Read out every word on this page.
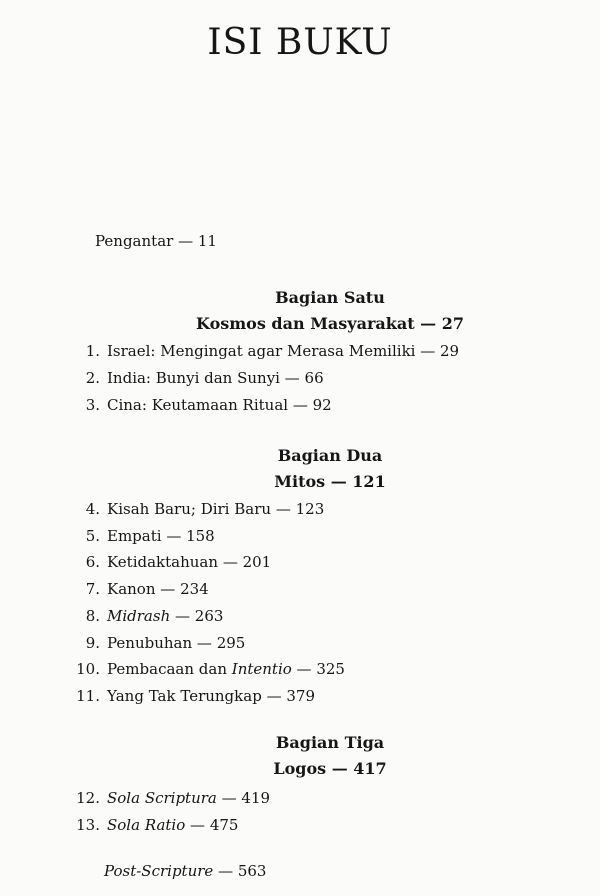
ISI BUKU
Pengantar — 11
Bagian Satu
Kosmos dan Masyarakat — 27
1. Israel: Mengingat agar Merasa Memiliki — 29
2. India: Bunyi dan Sunyi — 66
3. Cina: Keutamaan Ritual — 92
Bagian Dua
Mitos — 121
4. Kisah Baru; Diri Baru — 123
5. Empati — 158
6. Ketidaktahuan — 201
7. Kanon — 234
8. Midrash — 263
9. Penubuhan — 295
10. Pembacaan dan Intentio — 325
11. Yang Tak Terungkap — 379
Bagian Tiga
Logos — 417
12. Sola Scriptura — 419
13. Sola Ratio — 475
Post-Scripture — 563
